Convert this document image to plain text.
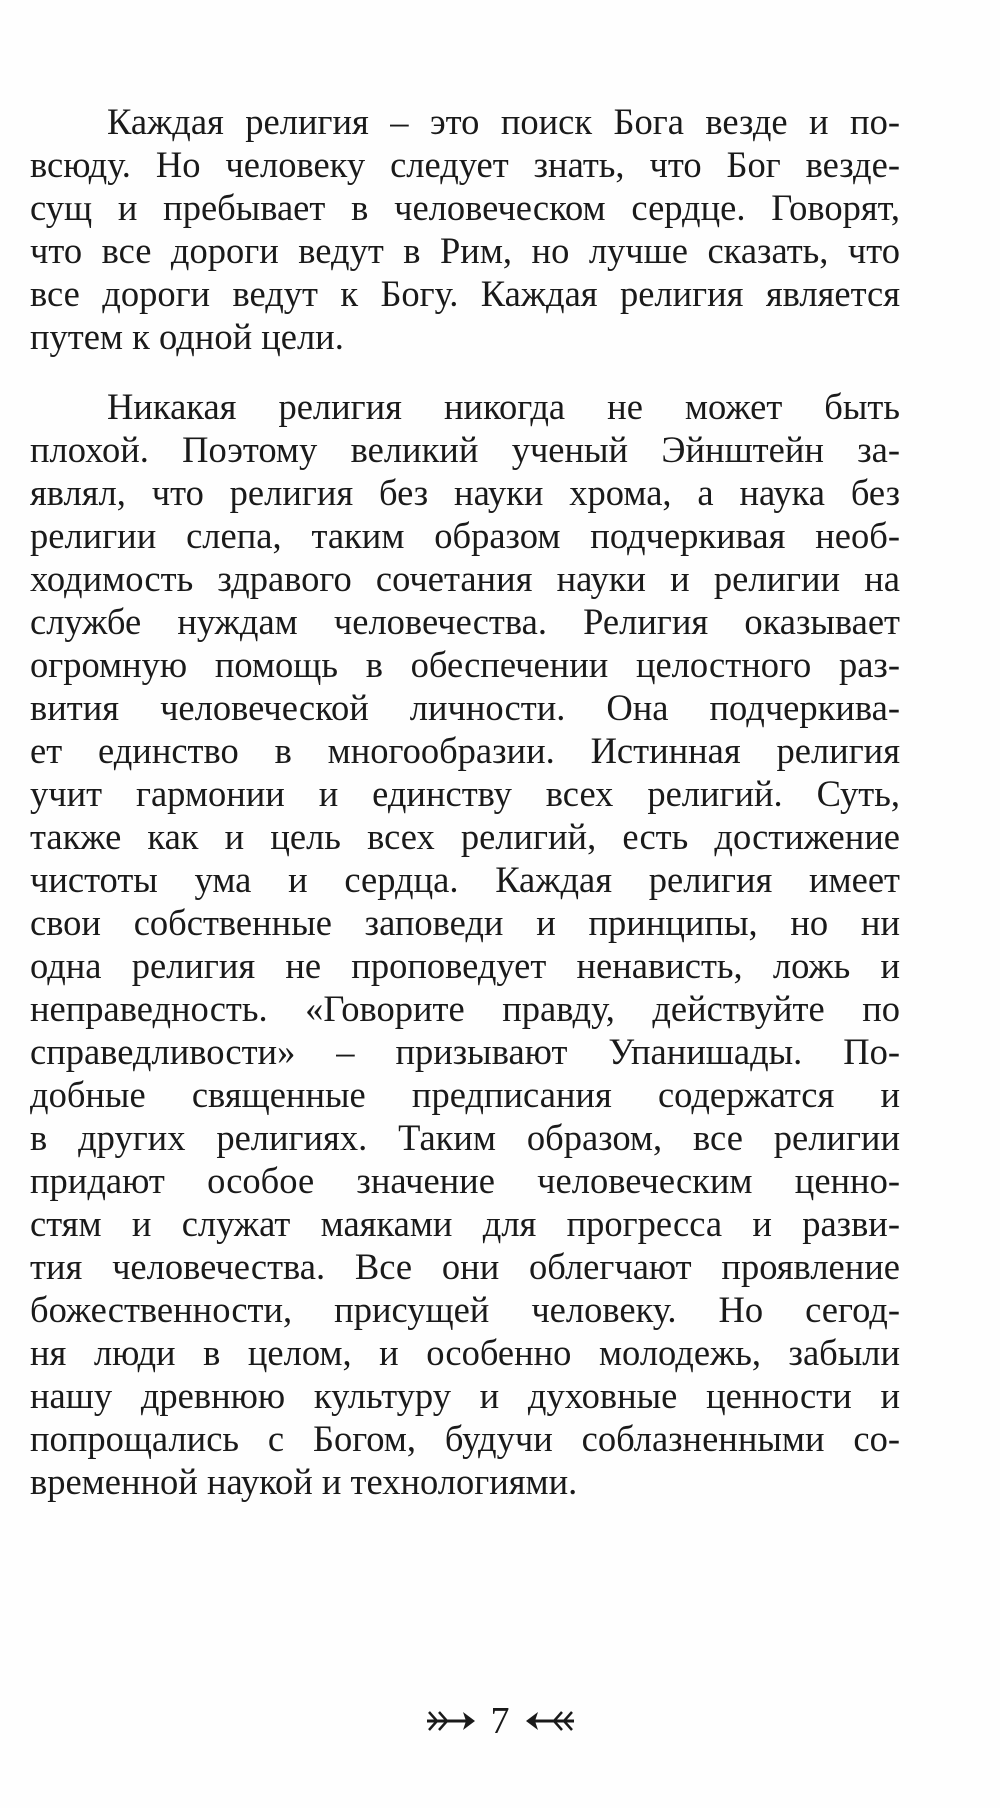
Каждая религия – это поиск Бога везде и по-
всюду. Но человеку следует знать, что Бог везде-
сущ и пребывает в человеческом сердце. Говорят,
что все дороги ведут в Рим, но лучше сказать, что
все дороги ведут к Богу. Каждая религия является
путем к одной цели.
Никакая религия никогда не может быть
плохой. Поэтому великий ученый Эйнштейн за-
являл, что религия без науки хрома, а наука без
религии слепа, таким образом подчеркивая необ-
ходимость здравого сочетания науки и религии на
службе нуждам человечества. Религия оказывает
огромную помощь в обеспечении целостного раз-
вития человеческой личности. Она подчеркива-
ет единство в многообразии. Истинная религия
учит гармонии и единству всех религий. Суть,
также как и цель всех религий, есть достижение
чистоты ума и сердца. Каждая религия имеет
свои собственные заповеди и принципы, но ни
одна религия не проповедует ненависть, ложь и
неправедность. «Говорите правду, действуйте по
справедливости» – призывают Упанишады. По-
добные священные предписания содержатся и
в других религиях. Таким образом, все религии
придают особое значение человеческим ценно-
стям и служат маяками для прогресса и разви-
тия человечества. Все они облегчают проявление
божественности, присущей человеку. Но сегод-
ня люди в целом, и особенно молодежь, забыли
нашу древнюю культуру и духовные ценности и
попрощались с Богом, будучи соблазненными со-
временной наукой и технологиями.
7
